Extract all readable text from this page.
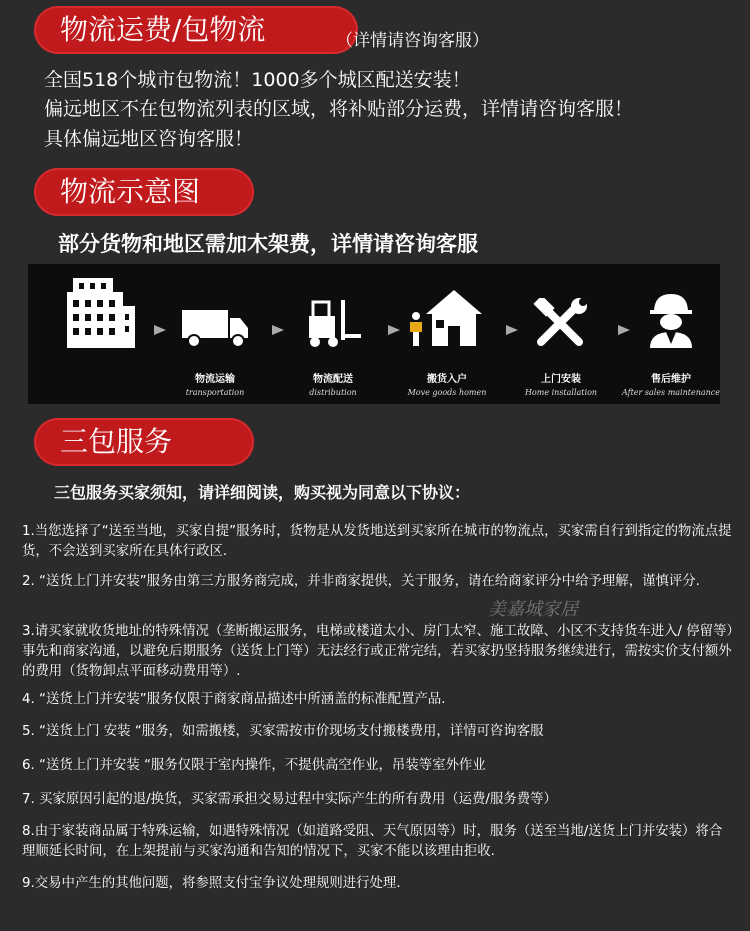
物流运费/包物流	（详情请咨询客服）
全国518个城市包物流！1000多个城区配送安装！
偏远地区不在包物流列表的区域，将补贴部分运费，详情请咨询客服！
具体偏远地区咨询客服！
物流示意图
部分货物和地区需加木架费，详情请咨询客服
物流运输
transportation
物流配送
distribution
搬货入户
Move goods homen
上门安装
Home installation
售后维护
After sales maintenance
三包服务
三包服务买家须知，请详细阅读，购买视为同意以下协议：

1.当您选择了“送至当地，买家自提”服务时，货物是从发货地送到买家所在城市的物流点，买家需自行到指定的物流点提货，不会送到买家所在具体行政区.

2. “送货上门并安装”服务由第三方服务商完成，并非商家提供，关于服务，请在给商家评分中给予理解，谨慎评分.

3.请买家就收货地址的特殊情况（垄断搬运服务，电梯或楼道太小、房门太窄、施工故障、小区不支持货车进入/ 停留等）事先和商家沟通，以避免后期服务（送货上门等）无法经行或正常完结，若买家扔坚持服务继续进行，需按实价支付额外的费用（货物卸点平面移动费用等）.

4. “送货上门并安装”服务仅限于商家商品描述中所涵盖的标准配置产品.

5. “送货上门 安装 “服务，如需搬楼，买家需按市价现场支付搬楼费用，详情可咨询客服

6. “送货上门并安装 “服务仅限于室内操作，不提供高空作业，吊装等室外作业

7. 买家原因引起的退/换货，买家需承担交易过程中实际产生的所有费用（运费/服务费等）

8.由于家装商品属于特殊运输，如遇特殊情况（如道路受阻、天气原因等）时，服务（送至当地/送货上门并安装）将合理顺延长时间，在上架提前与买家沟通和告知的情况下，买家不能以该理由拒收.

9.交易中产生的其他问题，将参照支付宝争议处理规则进行处理.

美嘉城家居
